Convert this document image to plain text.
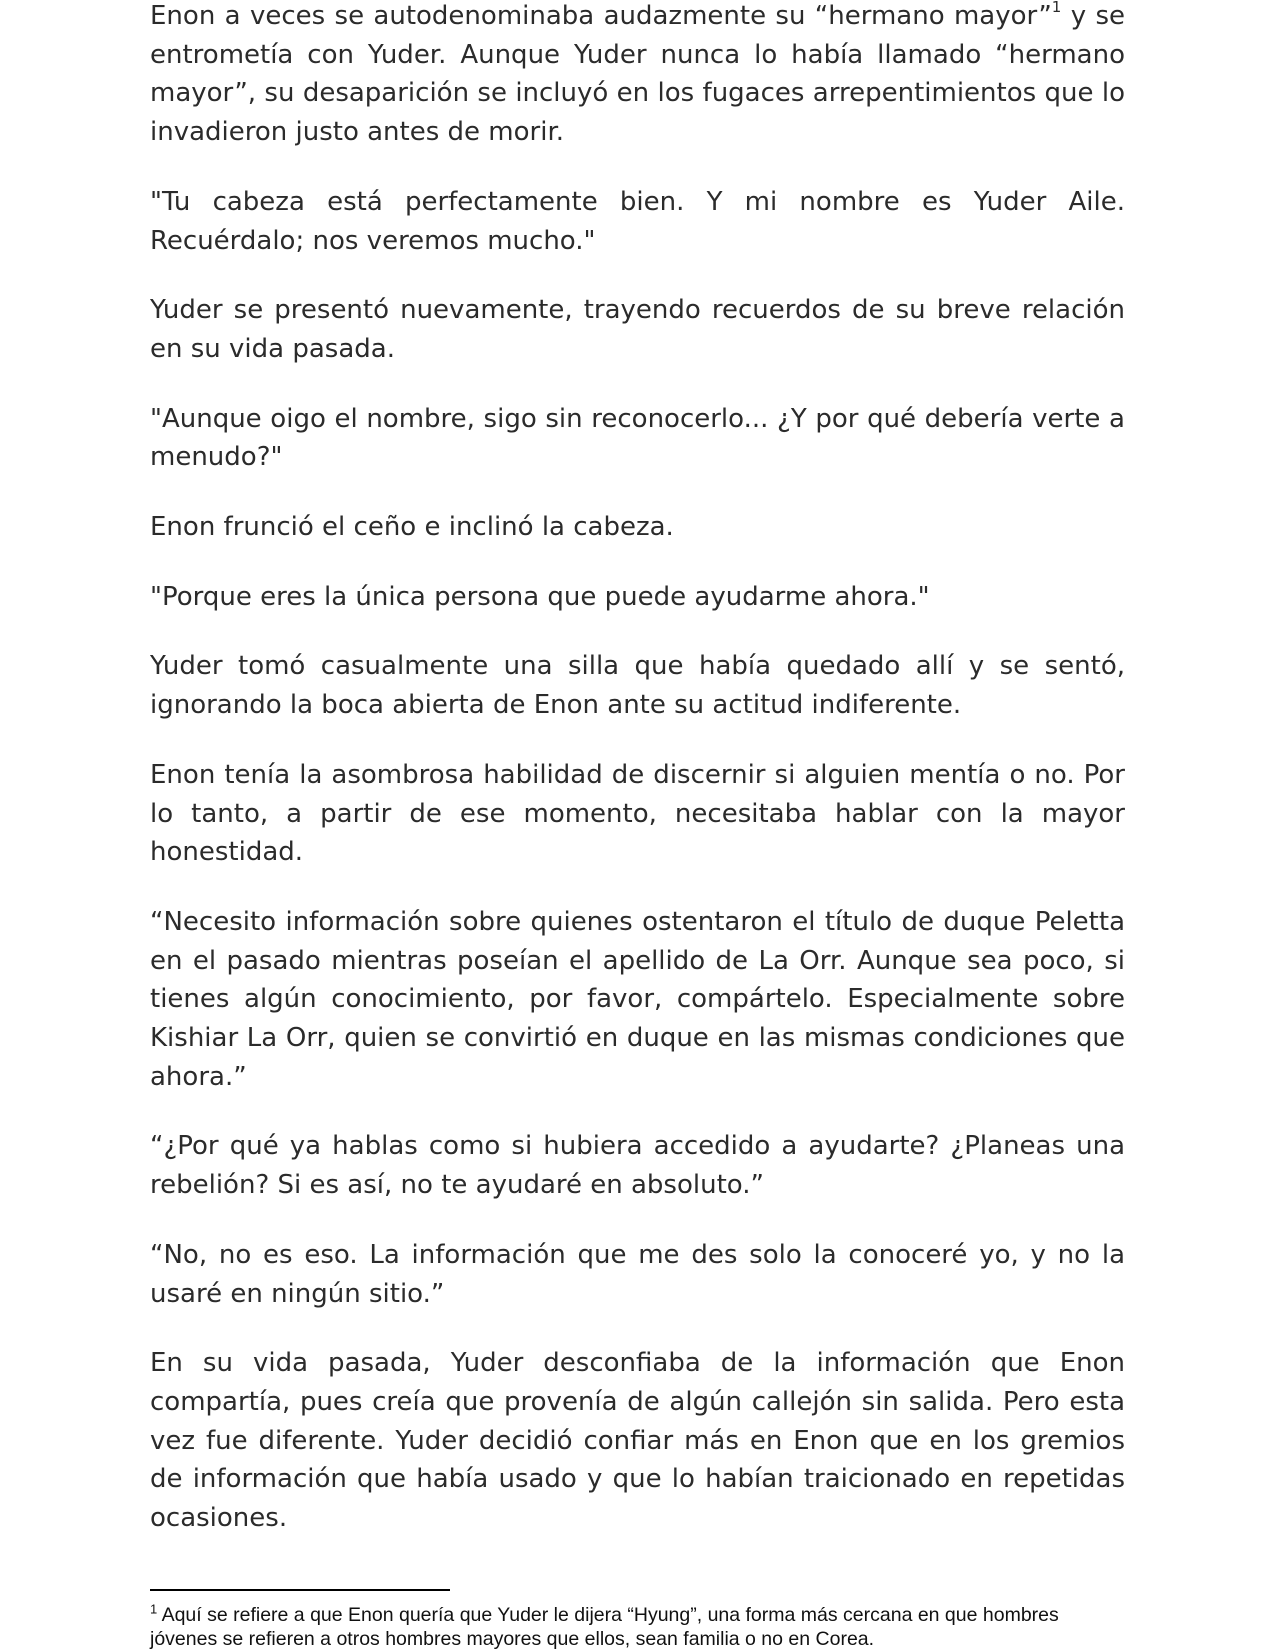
Enon a veces se autodenominaba audazmente su “hermano mayor”$^1$ y se entrometía con Yuder. Aunque Yuder nunca lo había llamado “hermano mayor”, su desaparición se incluyó en los fugaces arrepentimientos que lo invadieron justo antes de morir.

"Tu cabeza está perfectamente bien. Y mi nombre es Yuder Aile. Recuérdalo; nos veremos mucho."

Yuder se presentó nuevamente, trayendo recuerdos de su breve relación en su vida pasada.

"Aunque oigo el nombre, sigo sin reconocerlo... ¿Y por qué debería verte a menudo?"

Enon frunció el ceño e inclinó la cabeza.

"Porque eres la única persona que puede ayudarme ahora."

Yuder tomó casualmente una silla que había quedado allí y se sentó, ignorando la boca abierta de Enon ante su actitud indiferente.

Enon tenía la asombrosa habilidad de discernir si alguien mentía o no. Por lo tanto, a partir de ese momento, necesitaba hablar con la mayor honestidad.

“Necesito información sobre quienes ostentaron el título de duque Peletta en el pasado mientras poseían el apellido de La Orr. Aunque sea poco, si tienes algún conocimiento, por favor, compártelo. Especialmente sobre Kishiar La Orr, quien se convirtió en duque en las mismas condiciones que ahora.”

“¿Por qué ya hablas como si hubiera accedido a ayudarte? ¿Planeas una rebelión? Si es así, no te ayudaré en absoluto.”

“No, no es eso. La información que me des solo la conoceré yo, y no la usaré en ningún sitio.”

En su vida pasada, Yuder desconfiaba de la información que Enon compartía, pues creía que provenía de algún callejón sin salida. Pero esta vez fue diferente. Yuder decidió confiar más en Enon que en los gremios de información que había usado y que lo habían traicionado en repetidas ocasiones.

$^1$ Aquí se refiere a que Enon quería que Yuder le dijera “Hyung”, una forma más cercana en que hombres jóvenes se refieren a otros hombres mayores que ellos, sean familia o no en Corea.
